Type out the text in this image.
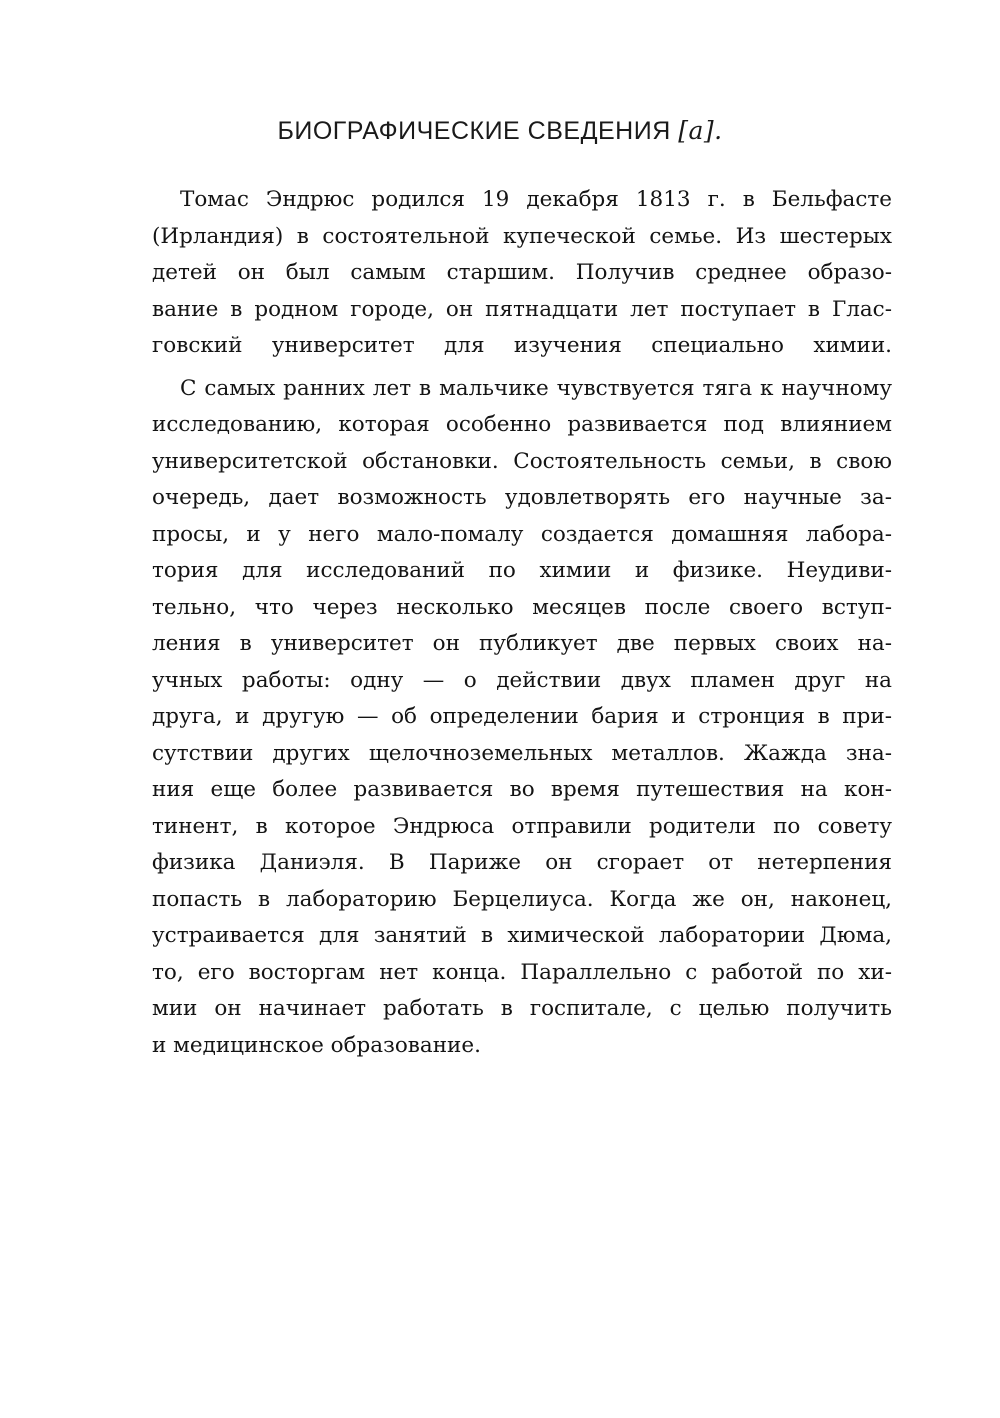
БИОГРАФИЧЕСКИЕ СВЕДЕНИЯ [a].
Томас Эндрюс родился 19 декабря 1813 г. в Бельфасте
(Ирландия) в состоятельной купеческой семье. Из шестерых
детей он был самым старшим. Получив среднее образо-
вание в родном городе, он пятнадцати лет поступает в Глас-
говский университет для изучения специально химии.
С самых ранних лет в мальчике чувствуется тяга к научному
исследованию, которая особенно развивается под влиянием
университетской обстановки. Состоятельность семьи, в свою
очередь, дает возможность удовлетворять его научные за-
просы, и у него мало-помалу создается домашняя лабора-
тория для исследований по химии и физике. Неудиви-
тельно, что через несколько месяцев после своего вступ-
ления в университет он публикует две первых своих на-
учных работы: одну — о действии двух пламен друг на
друга, и другую — об определении бария и стронция в при-
сутствии других щелочноземельных металлов. Жажда зна-
ния еще более развивается во время путешествия на кон-
тинент, в которое Эндрюса отправили родители по совету
физика Даниэля. В Париже он сгорает от нетерпения
попасть в лабораторию Берцелиуса. Когда же он, наконец,
устраивается для занятий в химической лаборатории Дюма,
то, его восторгам нет конца. Параллельно с работой по хи-
мии он начинает работать в госпитале, с целью получить
и медицинское образование.
